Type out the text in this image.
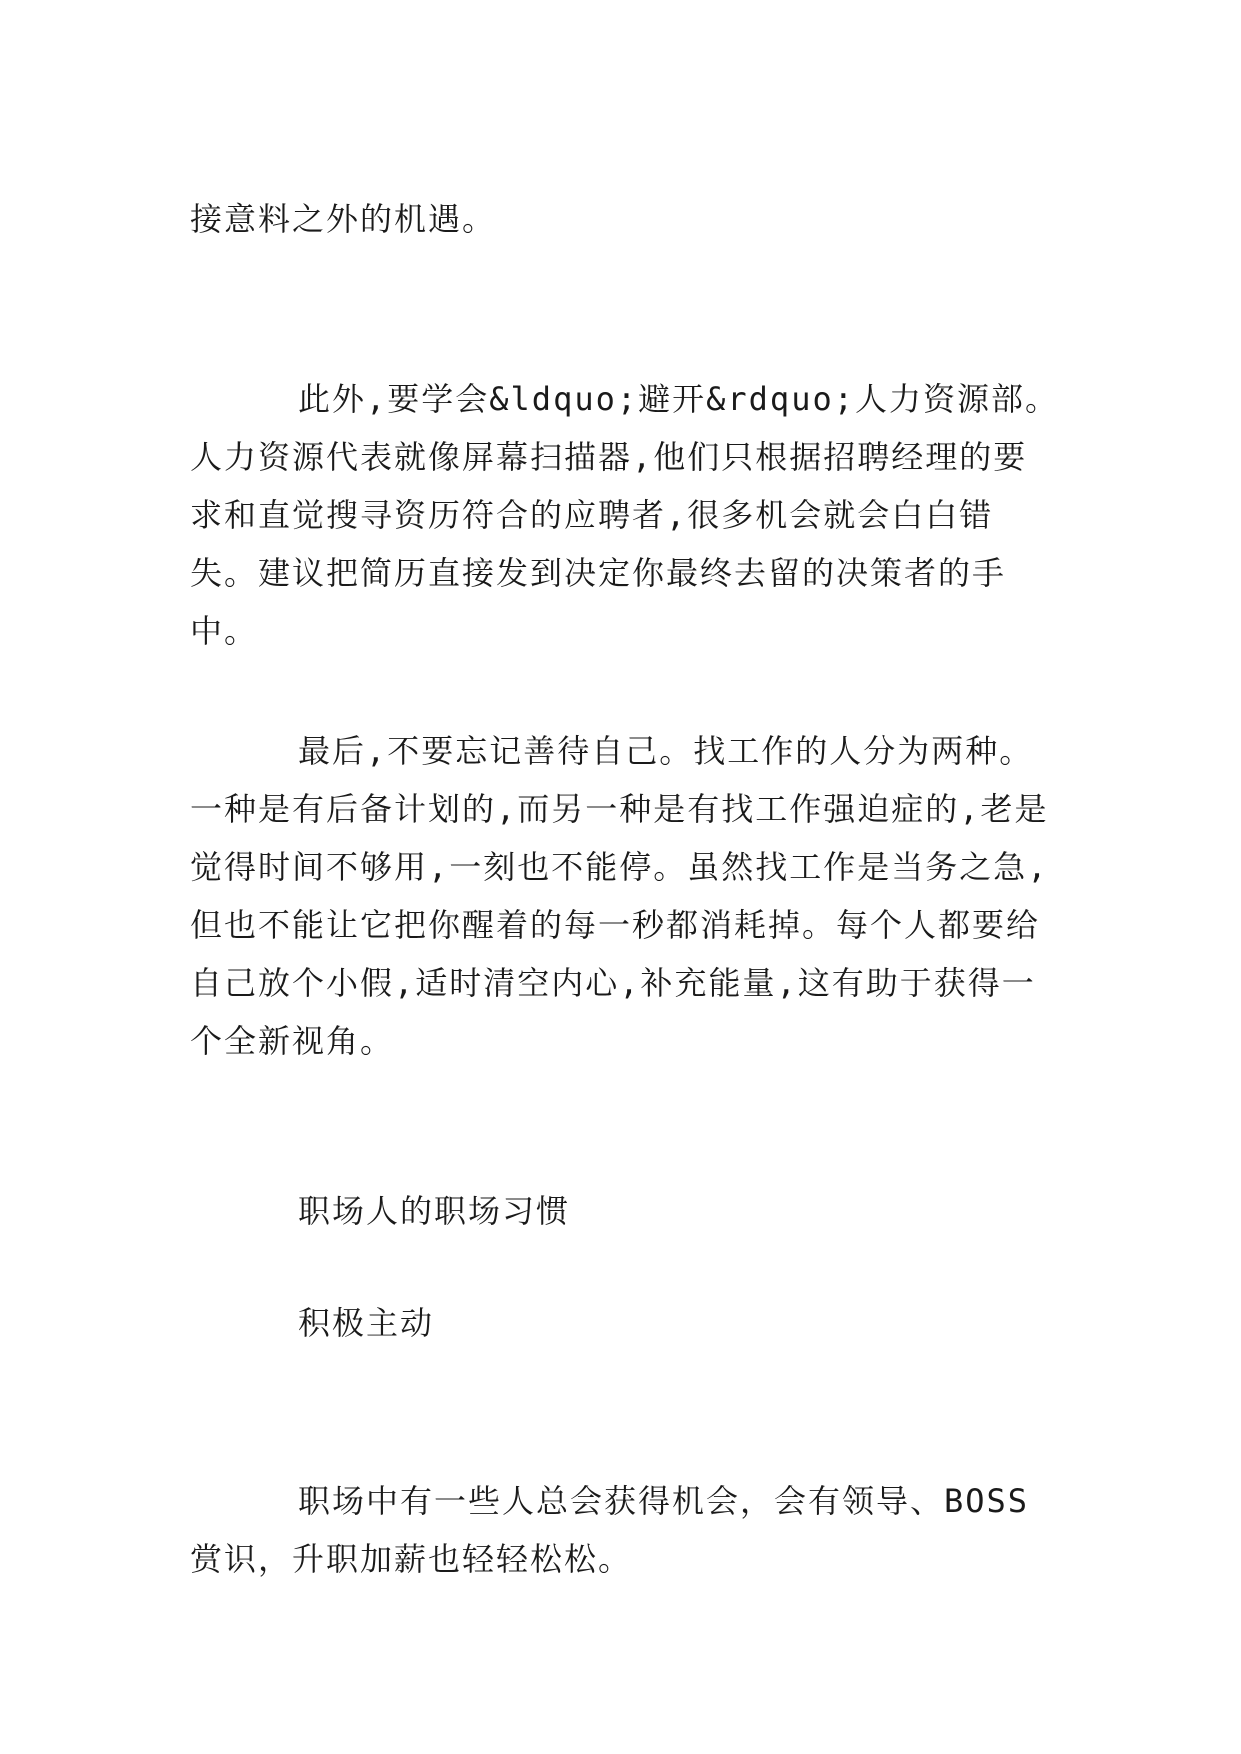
接意料之外的机遇。

此外,要学会&ldquo;避开&rdquo;人力资源部。人力资源代表就像屏幕扫描器,他们只根据招聘经理的要求和直觉搜寻资历符合的应聘者,很多机会就会白白错失。建议把简历直接发到决定你最终去留的决策者的手中。

最后,不要忘记善待自己。找工作的人分为两种。一种是有后备计划的,而另一种是有找工作强迫症的,老是觉得时间不够用,一刻也不能停。虽然找工作是当务之急,但也不能让它把你醒着的每一秒都消耗掉。每个人都要给自己放个小假,适时清空内心,补充能量,这有助于获得一个全新视角。

职场人的职场习惯

积极主动

职场中有一些人总会获得机会，会有领导、BOSS 赏识，升职加薪也轻轻松松。
